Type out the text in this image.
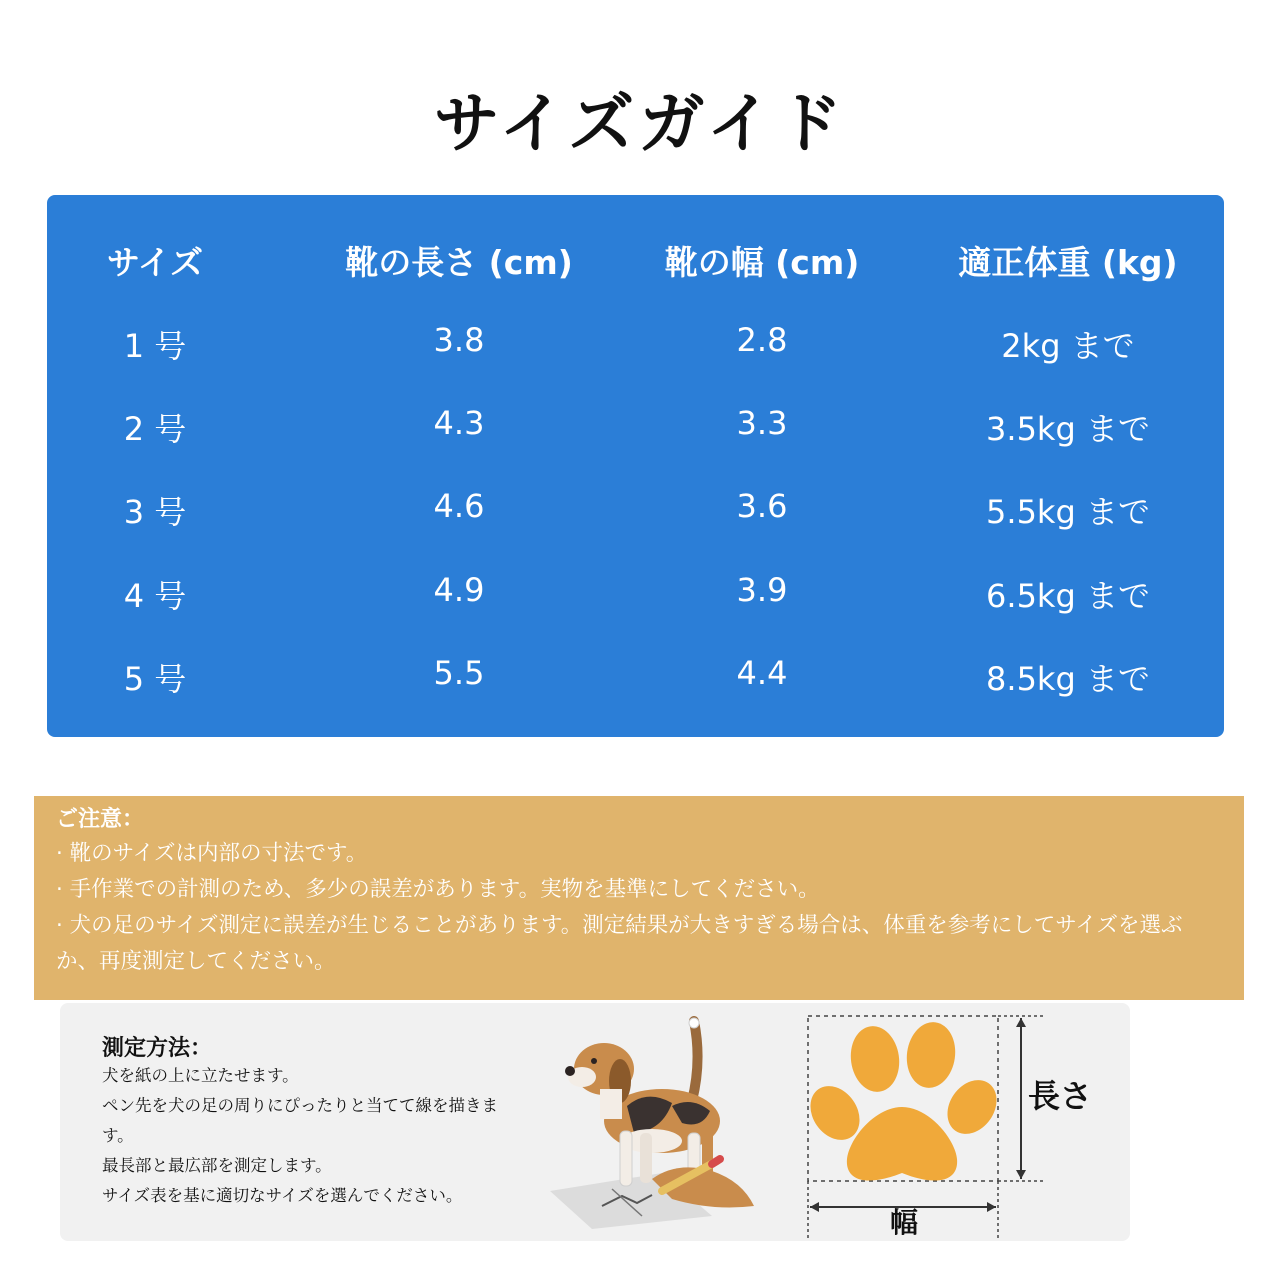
サイズガイド
サイズ	靴の長さ (cm)	靴の幅 (cm)	適正体重 (kg)
1 号	3.8	2.8	2kg まで
2 号	4.3	3.3	3.5kg まで
3 号	4.6	3.6	5.5kg まで
4 号	4.9	3.9	6.5kg まで
5 号	5.5	4.4	8.5kg まで
ご注意：
· 靴のサイズは内部の寸法です。
· 手作業での計測のため、多少の誤差があります。実物を基準にしてください。
· 犬の足のサイズ測定に誤差が生じることがあります。測定結果が大きすぎる場合は、体重を参考にしてサイズを選ぶか、再度測定してください。
測定方法：

犬を紙の上に立たせます。

ペン先を犬の足の周りにぴったりと当てて線を描きます。

最長部と最広部を測定します。

サイズ表を基に適切なサイズを選んでください。

長さ
幅
